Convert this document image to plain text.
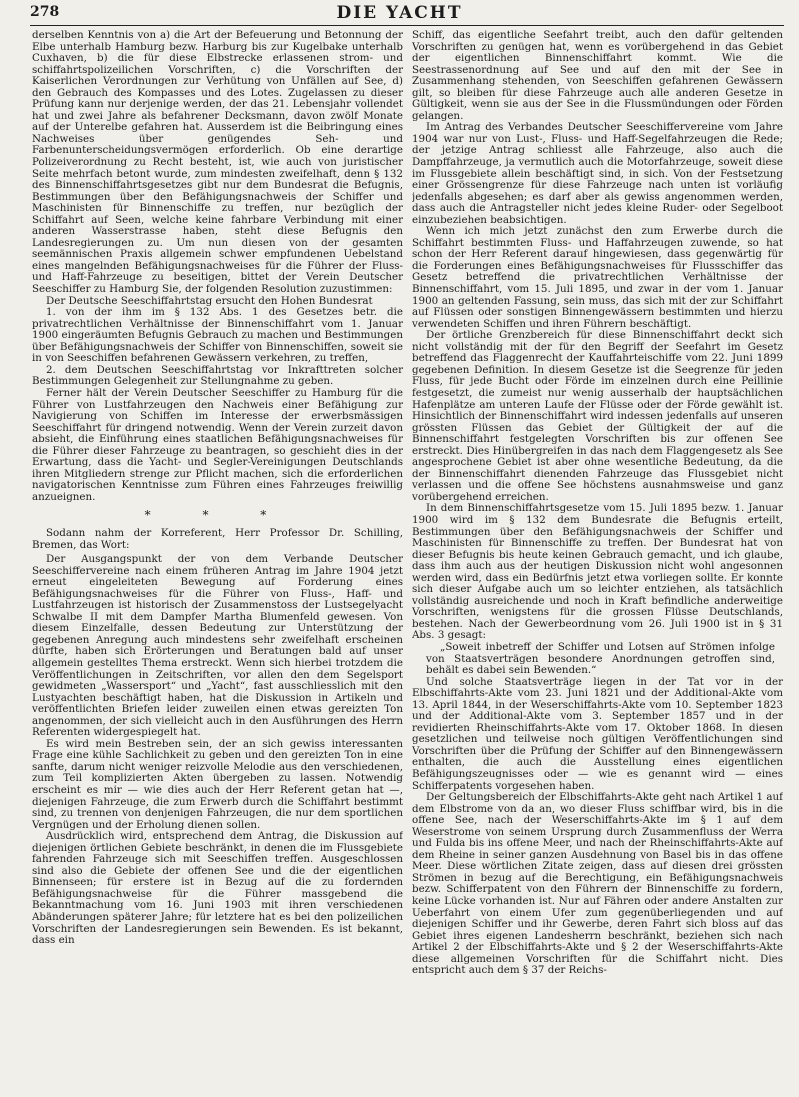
278	DIE YACHT

derselben Kenntnis von a) die Art der Befeuerung und Betonnung der Elbe unterhalb Hamburg bezw. Harburg bis zur Kugelbake unterhalb Cuxhaven, b) die für diese Elbstrecke erlassenen strom- und schiffahrtspolizeilichen Vorschriften, c) die Vorschriften der Kaiserlichen Verordnungen zur Verhütung von Unfällen auf See, d) den Gebrauch des Kompasses und des Lotes. Zugelassen zu dieser Prüfung kann nur derjenige werden, der das 21. Lebensjahr vollendet hat und zwei Jahre als befahrener Decksmann, davon zwölf Monate auf der Unterelbe gefahren hat. Ausserdem ist die Beibringung eines Nachweises über genügendes Seh- und Farbenunterscheidungsvermögen erforderlich. Ob eine derartige Polizeiverordnung zu Recht besteht, ist, wie auch von juristischer Seite mehrfach betont wurde, zum mindesten zweifelhaft, denn § 132 des Binnenschiffahrtsgesetzes gibt nur dem Bundesrat die Befugnis, Bestimmungen über den Befähigungsnachweis der Schiffer und Maschinisten für Binnenschiffe zu treffen, nur bezüglich der Schiffahrt auf Seen, welche keine fahrbare Verbindung mit einer anderen Wasserstrasse haben, steht diese Befugnis den Landesregierungen zu. Um nun diesen von der gesamten seemännischen Praxis allgemein schwer empfundenen Uebelstand eines mangelnden Befähigungsnachweises für die Führer der Fluss- und Haff-Fahrzeuge zu beseitigen, bittet der Verein Deutscher Seeschiffer zu Hamburg Sie, der folgenden Resolution zuzustimmen:

Der Deutsche Seeschiffahrtstag ersucht den Hohen Bundesrat

1. von der ihm im § 132 Abs. 1 des Gesetzes betr. die privatrechtlichen Verhältnisse der Binnenschiffahrt vom 1. Januar 1900 eingeräumten Befugnis Gebrauch zu machen und Bestimmungen über Befähigungsnachweis der Schiffer von Binnenschiffen, soweit sie in von Seeschiffen befahrenen Gewässern verkehren, zu treffen,

2. dem Deutschen Seeschiffahrtstag vor Inkrafttreten solcher Bestimmungen Gelegenheit zur Stellungnahme zu geben.

Ferner hält der Verein Deutscher Seeschiffer zu Hamburg für die Führer von Lustfahrzeugen den Nachweis einer Befähigung zur Navigierung von Schiffen im Interesse der erwerbsmässigen Seeschiffahrt für dringend notwendig. Wenn der Verein zurzeit davon absieht, die Einführung eines staatlichen Befähigungsnachweises für die Führer dieser Fahrzeuge zu beantragen, so geschieht dies in der Erwartung, dass die Yacht- und Segler-Vereinigungen Deutschlands ihren Mitgliedern strenge zur Pflicht machen, sich die erforderlichen navigatorischen Kenntnisse zum Führen eines Fahrzeuges freiwillig anzueignen.

* * *

Sodann nahm der Korreferent, Herr Professor Dr. Schilling, Bremen, das Wort:

Der Ausgangspunkt der von dem Verbande Deutscher Seeschiffervereine nach einem früheren Antrag im Jahre 1904 jetzt erneut eingeleiteten Bewegung auf Forderung eines Befähigungsnachweises für die Führer von Fluss-, Haff- und Lustfahrzeugen ist historisch der Zusammenstoss der Lustsegelyacht Schwalbe II mit dem Dampfer Martha Blumenfeld gewesen. Von diesem Einzelfalle, dessen Bedeutung zur Unterstützung der gegebenen Anregung auch mindestens sehr zweifelhaft erscheinen dürfte, haben sich Erörterungen und Beratungen bald auf unser allgemein gestelltes Thema erstreckt. Wenn sich hierbei trotzdem die Veröffentlichungen in Zeitschriften, vor allen den dem Segelsport gewidmeten „Wassersport“ und „Yacht“, fast ausschliesslich mit den Lustyachten beschäftigt haben, hat die Diskussion in Artikeln und veröffentlichten Briefen leider zuweilen einen etwas gereizten Ton angenommen, der sich vielleicht auch in den Ausführungen des Herrn Referenten widergespiegelt hat.

Es wird mein Bestreben sein, der an sich gewiss interessanten Frage eine kühle Sachlichkeit zu geben und den gereizten Ton in eine sanfte, darum nicht weniger reizvolle Melodie aus den verschiedenen, zum Teil komplizierten Akten übergeben zu lassen. Notwendig erscheint es mir — wie dies auch der Herr Referent getan hat —, diejenigen Fahrzeuge, die zum Erwerb durch die Schiffahrt bestimmt sind, zu trennen von denjenigen Fahrzeugen, die nur dem sportlichen Vergnügen und der Erholung dienen sollen.

Ausdrücklich wird, entsprechend dem Antrag, die Diskussion auf diejenigen örtlichen Gebiete beschränkt, in denen die im Flussgebiete fahrenden Fahrzeuge sich mit Seeschiffen treffen. Ausgeschlossen sind also die Gebiete der offenen See und die der eigentlichen Binnenseen; für erstere ist in Bezug auf die zu fordernden Befähigungsnachweise für die Führer massgebend die Bekanntmachung vom 16. Juni 1903 mit ihren verschiedenen Abänderungen späterer Jahre; für letztere hat es bei den polizeilichen Vorschriften der Landesregierungen sein Bewenden. Es ist bekannt, dass ein

Schiff, das eigentliche Seefahrt treibt, auch den dafür geltenden Vorschriften zu genügen hat, wenn es vorübergehend in das Gebiet der eigentlichen Binnenschiffahrt kommt. Wie die Seestrassenordnung auf See und auf den mit der See in Zusammenhang stehenden, von Seeschiffen gefahrenen Gewässern gilt, so bleiben für diese Fahrzeuge auch alle anderen Gesetze in Gültigkeit, wenn sie aus der See in die Flussmündungen oder Förden gelangen.

Im Antrag des Verbandes Deutscher Seeschiffervereine vom Jahre 1904 war nur von Lust-, Fluss- und Haff-Segelfahrzeugen die Rede; der jetzige Antrag schliesst alle Fahrzeuge, also auch die Dampffahrzeuge, ja vermutlich auch die Motorfahrzeuge, soweit diese im Flussgebiete allein beschäftigt sind, in sich. Von der Festsetzung einer Grössengrenze für diese Fahrzeuge nach unten ist vorläufig jedenfalls abgesehen; es darf aber als gewiss angenommen werden, dass auch die Antragsteller nicht jedes kleine Ruder- oder Segelboot einzubeziehen beabsichtigen.

Wenn ich mich jetzt zunächst den zum Erwerbe durch die Schiffahrt bestimmten Fluss- und Haffahrzeugen zuwende, so hat schon der Herr Referent darauf hingewiesen, dass gegenwärtig für die Forderungen eines Befähigungsnachweises für Flussschiffer das Gesetz betreffend die privatrechtlichen Verhältnisse der Binnenschiffahrt, vom 15. Juli 1895, und zwar in der vom 1. Januar 1900 an geltenden Fassung, sein muss, das sich mit der zur Schiffahrt auf Flüssen oder sonstigen Binnengewässern bestimmten und hierzu verwendeten Schiffen und ihren Führern beschäftigt.

Der örtliche Grenzbereich für diese Binnenschiffahrt deckt sich nicht vollständig mit der für den Begriff der Seefahrt im Gesetz betreffend das Flaggenrecht der Kauffahrteischiffe vom 22. Juni 1899 gegebenen Definition. In diesem Gesetze ist die Seegrenze für jeden Fluss, für jede Bucht oder Förde im einzelnen durch eine Peillinie festgesetzt, die zumeist nur wenig ausserhalb der hauptsächlichen Hafenplätze am unteren Laufe der Flüsse oder der Förde gewählt ist. Hinsichtlich der Binnenschiffahrt wird indessen jedenfalls auf unseren grössten Flüssen das Gebiet der Gültigkeit der auf die Binnenschiffahrt festgelegten Vorschriften bis zur offenen See erstreckt. Dies Hinübergreifen in das nach dem Flaggengesetz als See angesprochene Gebiet ist aber ohne wesentliche Bedeutung, da die der Binnenschiffahrt dienenden Fahrzeuge das Flussgebiet nicht verlassen und die offene See höchstens ausnahmsweise und ganz vorübergehend erreichen.

In dem Binnenschiffahrtsgesetze vom 15. Juli 1895 bezw. 1. Januar 1900 wird im § 132 dem Bundesrate die Befugnis erteilt, Bestimmungen über den Befähigungsnachweis der Schiffer und Maschinisten für Binnenschiffe zu treffen. Der Bundesrat hat von dieser Befugnis bis heute keinen Gebrauch gemacht, und ich glaube, dass ihm auch aus der heutigen Diskussion nicht wohl angesonnen werden wird, dass ein Bedürfnis jetzt etwa vorliegen sollte. Er konnte sich dieser Aufgabe auch um so leichter entziehen, als tatsächlich vollständig ausreichende und noch in Kraft befindliche anderweitige Vorschriften, wenigstens für die grossen Flüsse Deutschlands, bestehen. Nach der Gewerbeordnung vom 26. Juli 1900 ist in § 31 Abs. 3 gesagt:

„Soweit inbetreff der Schiffer und Lotsen auf Strömen infolge von Staatsverträgen besondere Anordnungen getroffen sind, behält es dabei sein Bewenden.“

Und solche Staatsverträge liegen in der Tat vor in der Elbschiffahrts-Akte vom 23. Juni 1821 und der Additional-Akte vom 13. April 1844, in der Weserschiffahrts-Akte vom 10. September 1823 und der Additional-Akte vom 3. September 1857 und in der revidierten Rheinschiffahrts-Akte vom 17. Oktober 1868. In diesen gesetzlichen und teilweise noch gültigen Veröffentlichungen sind Vorschriften über die Prüfung der Schiffer auf den Binnengewässern enthalten, die auch die Ausstellung eines eigentlichen Befähigungszeugnisses oder — wie es genannt wird — eines Schifferpatents vorgesehen haben.

Der Geltungsbereich der Elbschiffahrts-Akte geht nach Artikel 1 auf dem Elbstrome von da an, wo dieser Fluss schiffbar wird, bis in die offene See, nach der Weserschiffahrts-Akte im § 1 auf dem Weserstrome von seinem Ursprung durch Zusammenfluss der Werra und Fulda bis ins offene Meer, und nach der Rheinschiffahrts-Akte auf dem Rheine in seiner ganzen Ausdehnung von Basel bis in das offene Meer. Diese wörtlichen Zitate zeigen, dass auf diesen drei grössten Strömen in bezug auf die Berechtigung, ein Befähigungsnachweis bezw. Schifferpatent von den Führern der Binnenschiffe zu fordern, keine Lücke vorhanden ist. Nur auf Fähren oder andere Anstalten zur Ueberfahrt von einem Ufer zum gegenüberliegenden und auf diejenigen Schiffer und ihr Gewerbe, deren Fahrt sich bloss auf das Gebiet ihres eigenen Landesherrn beschränkt, beziehen sich nach Artikel 2 der Elbschiffahrts-Akte und § 2 der Weserschiffahrts-Akte diese allgemeinen Vorschriften für die Schiffahrt nicht. Dies entspricht auch dem § 37 der Reichs-
